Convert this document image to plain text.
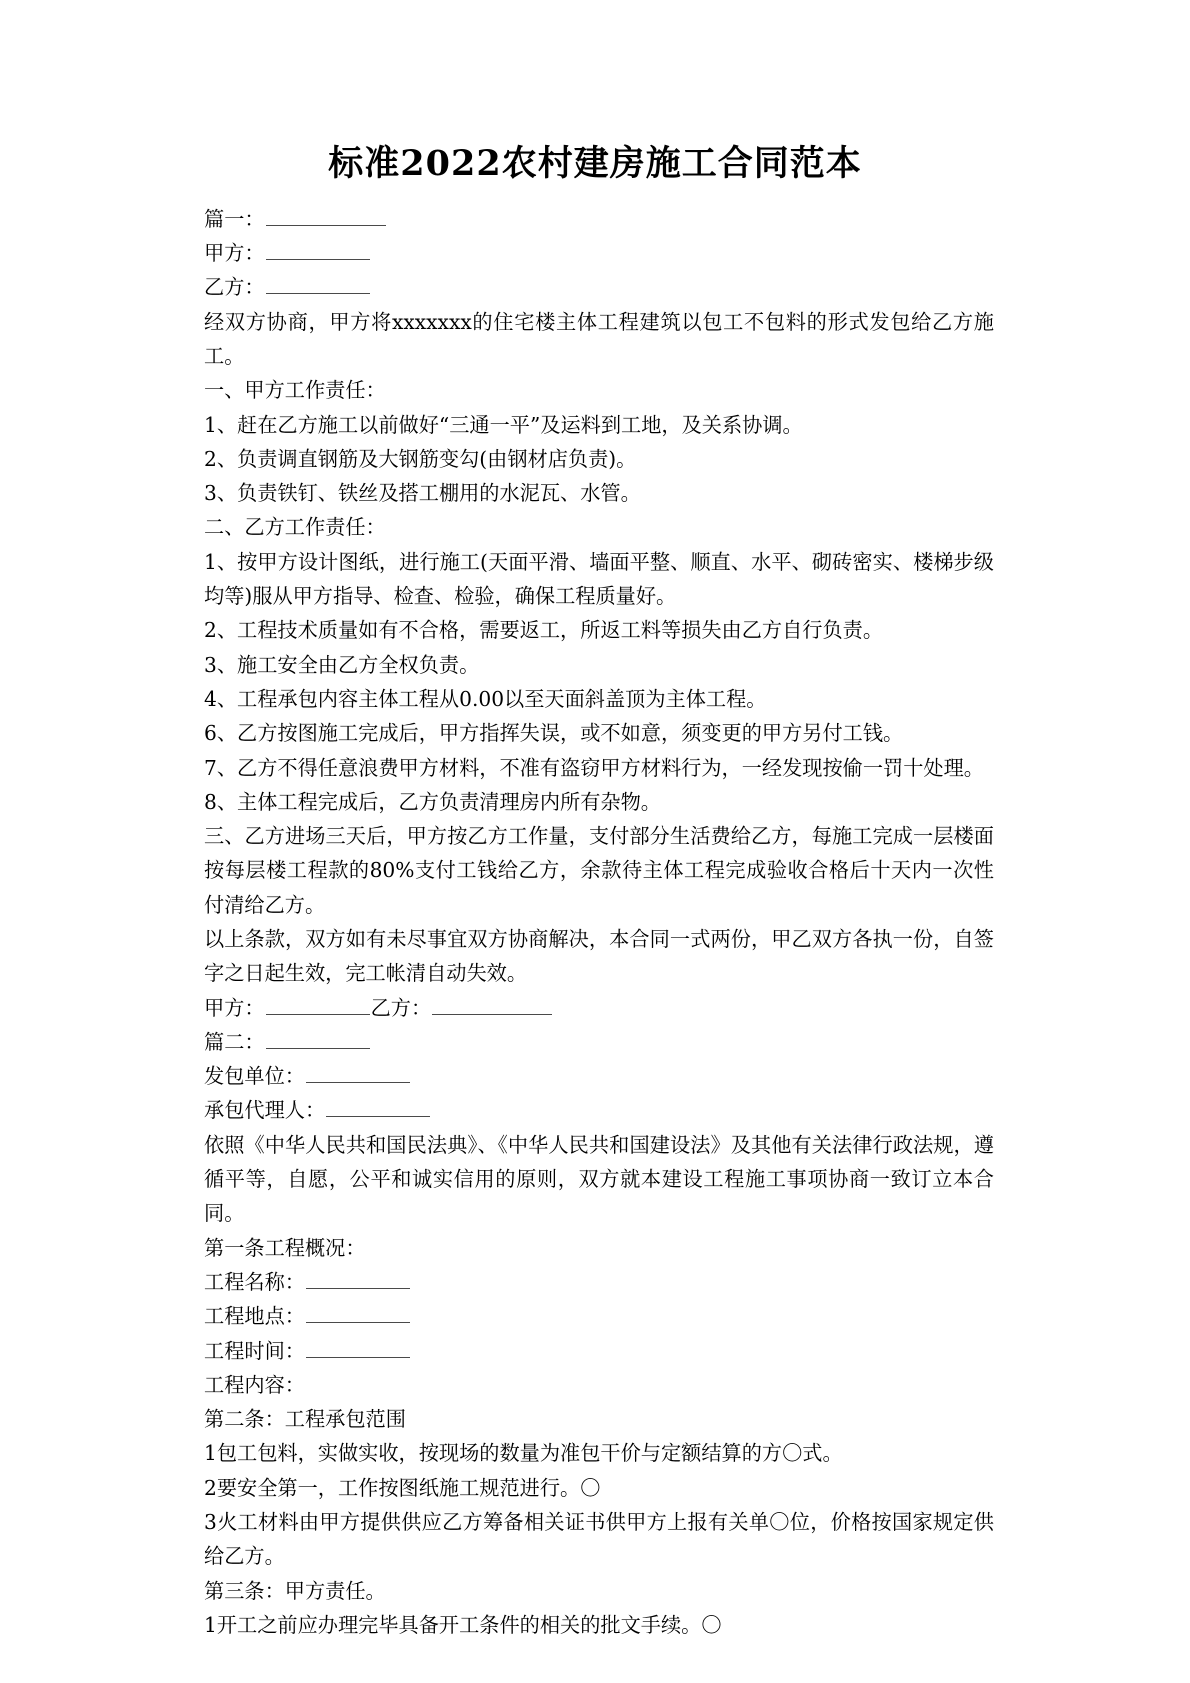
标准2022农村建房施工合同范本

篇一：

甲方：

乙方：

经双方协商，甲方将xxxxxxx的住宅楼主体工程建筑以包工不包料的形式发包给乙方施工。

一、甲方工作责任：

1、赶在乙方施工以前做好“三通一平”及运料到工地，及关系协调。

2、负责调直钢筋及大钢筋变勾(由钢材店负责)。

3、负责铁钉、铁丝及搭工棚用的水泥瓦、水管。

二、乙方工作责任：

1、按甲方设计图纸，进行施工(天面平滑、墙面平整、顺直、水平、砌砖密实、楼梯步级均等)服从甲方指导、检查、检验，确保工程质量好。

2、工程技术质量如有不合格，需要返工，所返工料等损失由乙方自行负责。

3、施工安全由乙方全权负责。

4、工程承包内容主体工程从0.00以至天面斜盖顶为主体工程。

6、乙方按图施工完成后，甲方指挥失误，或不如意，须变更的甲方另付工钱。

7、乙方不得任意浪费甲方材料，不准有盗窃甲方材料行为，一经发现按偷一罚十处理。

8、主体工程完成后，乙方负责清理房内所有杂物。

三、乙方进场三天后，甲方按乙方工作量，支付部分生活费给乙方，每施工完成一层楼面按每层楼工程款的80%支付工钱给乙方，余款待主体工程完成验收合格后十天内一次性付清给乙方。

以上条款，双方如有未尽事宜双方协商解决，本合同一式两份，甲乙双方各执一份，自签字之日起生效，完工帐清自动失效。

甲方：	乙方：

篇二：

发包单位：

承包代理人：

依照《中华人民共和国民法典》、《中华人民共和国建设法》及其他有关法律行政法规，遵循平等，自愿，公平和诚实信用的原则，双方就本建设工程施工事项协商一致订立本合同。

第一条工程概况：

工程名称：

工程地点：

工程时间：

工程内容：

第二条：工程承包范围

1包工包料，实做实收，按现场的数量为准包干价与定额结算的方〇式。

2要安全第一，工作按图纸施工规范进行。〇

3火工材料由甲方提供供应乙方筹备相关证书供甲方上报有关单〇位，价格按国家规定供给乙方。

第三条：甲方责任。

1开工之前应办理完毕具备开工条件的相关的批文手续。〇
